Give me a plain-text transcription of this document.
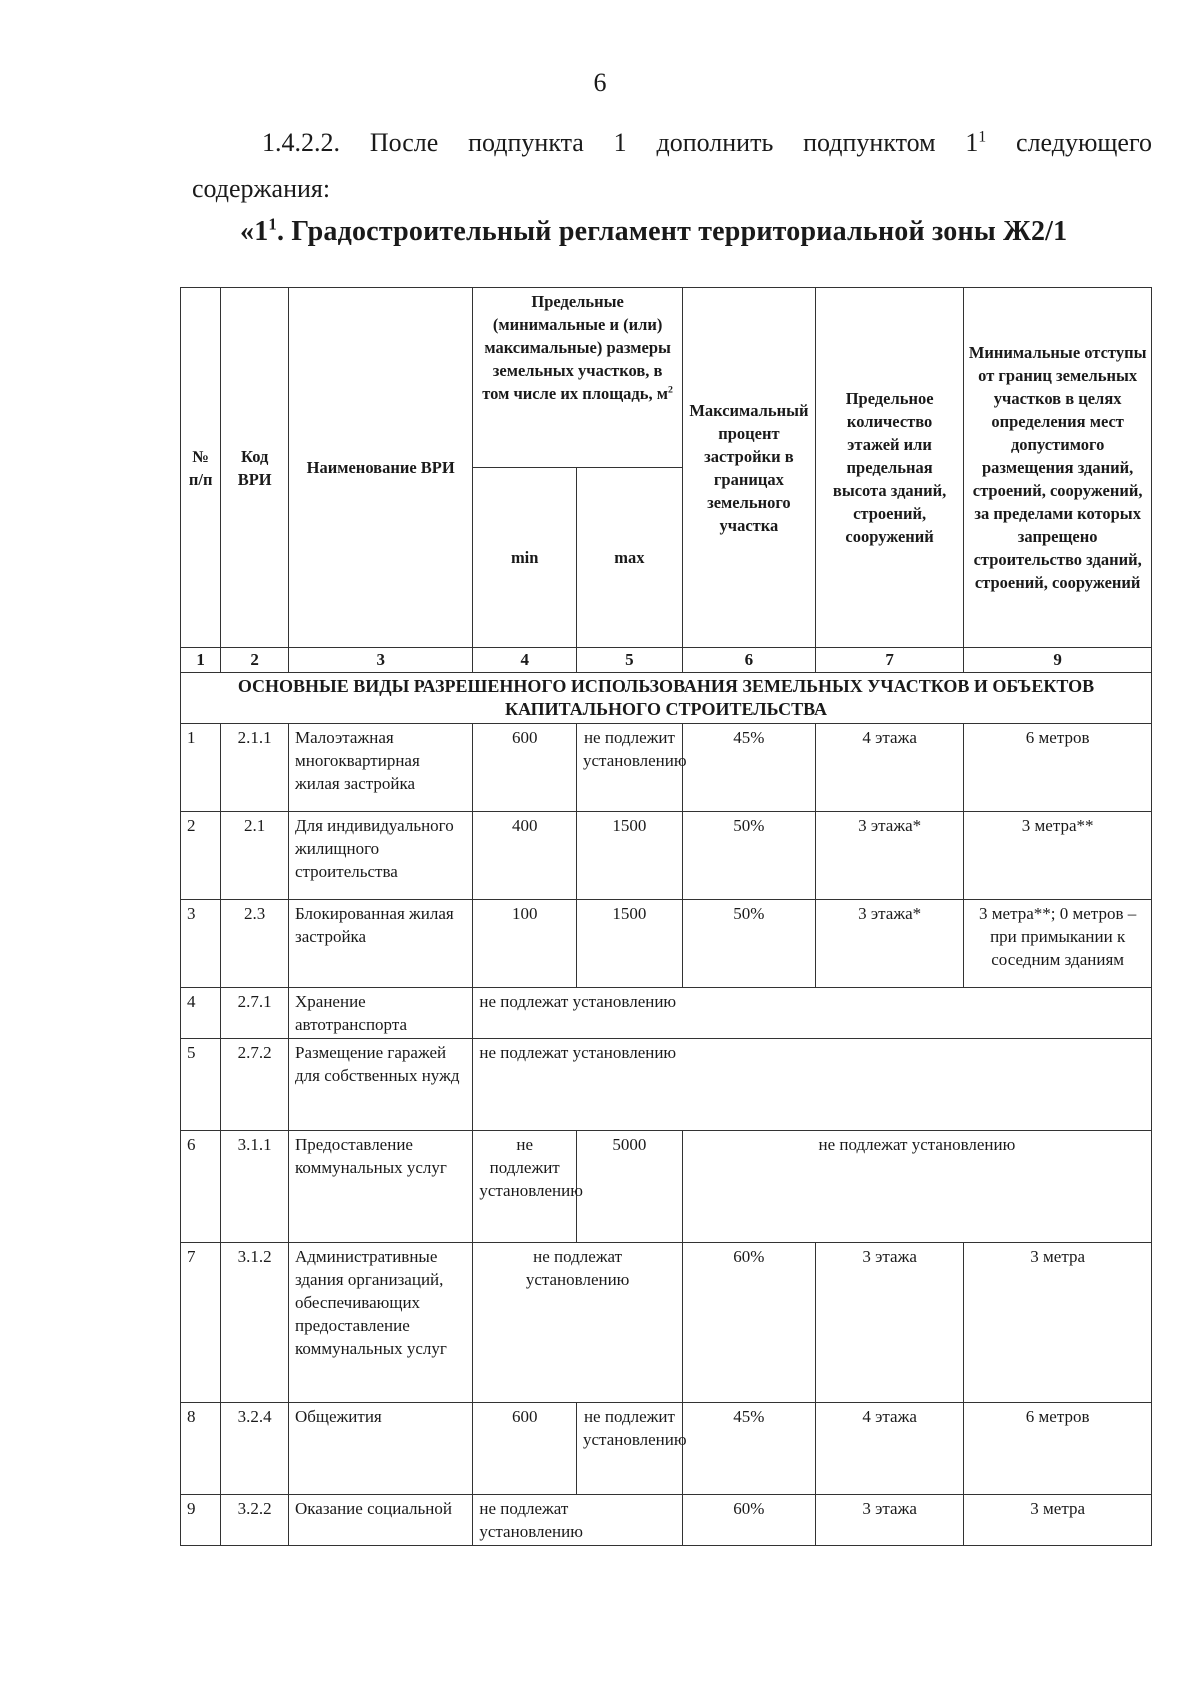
6
1.4.2.2. После подпункта 1 дополнить подпунктом $1^1$ следующего
содержания:
«$1^1$. Градостроительный регламент территориальной зоны Ж2/1
№ п/п	Код ВРИ	Наименование ВРИ	Предельные (минимальные и (или) максимальные) размеры земельных участков, в том числе их площадь, $м^2$		Максимальный процент застройки в границах земельного участка	Предельное количество этажей или предельная высота зданий, строений, сооружений	Минимальные отступы от границ земельных участков в целях определения мест допустимого размещения зданий, строений, сооружений, за пределами которых запрещено строительство зданий, строений, сооружений
			min	max			
1	2	3	4	5	6	7	9
ОСНОВНЫЕ ВИДЫ РАЗРЕШЕННОГО ИСПОЛЬЗОВАНИЯ ЗЕМЕЛЬНЫХ УЧАСТКОВ И ОБЪЕКТОВ КАПИТАЛЬНОГО СТРОИТЕЛЬСТВА							
1	2.1.1	Малоэтажная многоквартирная жилая застройка	600	не подлежит установлению	45%	4 этажа	6 метров
2	2.1	Для индивидуального жилищного строительства	400	1500	50%	3 этажа*	3 метра**
3	2.3	Блокированная жилая застройка	100	1500	50%	3 этажа*	3 метра**; 0 метров – при примыкании к соседним зданиям
4	2.7.1	Хранение автотранспорта	не подлежат установлению				
5	2.7.2	Размещение гаражей для собственных нужд	не подлежат установлению				
6	3.1.1	Предоставление коммунальных услуг	не подлежит установлению	5000	не подлежат установлению		
7	3.1.2	Административные здания организаций, обеспечивающих предоставление коммунальных услуг	не подлежат установлению		60%	3 этажа	3 метра
8	3.2.4	Общежития	600	не подлежит установлению	45%	4 этажа	6 метров
9	3.2.2	Оказание социальной	не подлежат установлению		60%	3 этажа	3 метра
